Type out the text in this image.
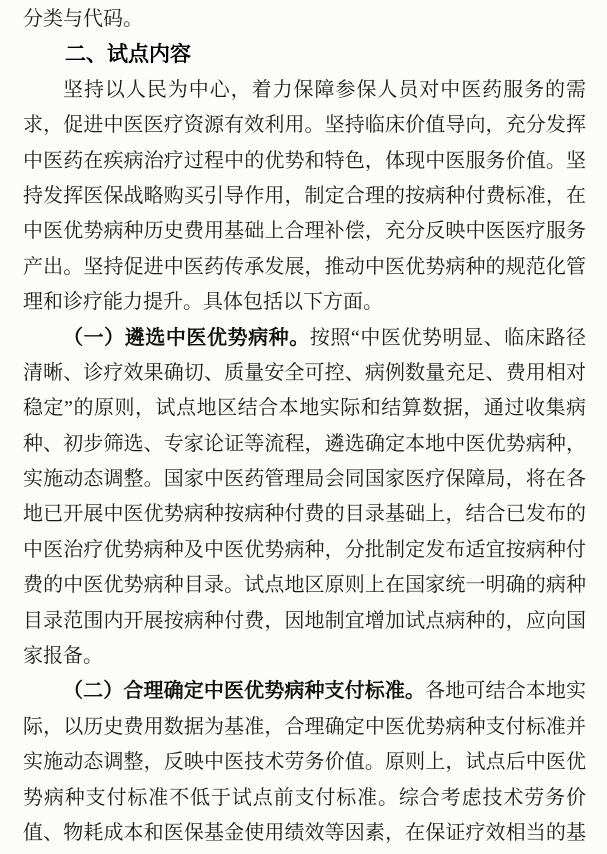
分类与代码。
二、试点内容
坚持以人民为中心，着力保障参保人员对中医药服务的需
求，促进中医医疗资源有效利用。坚持临床价值导向，充分发挥
中医药在疾病治疗过程中的优势和特色，体现中医服务价值。坚
持发挥医保战略购买引导作用，制定合理的按病种付费标准，在
中医优势病种历史费用基础上合理补偿，充分反映中医医疗服务
产出。坚持促进中医药传承发展，推动中医优势病种的规范化管
理和诊疗能力提升。具体包括以下方面。
（一）遴选中医优势病种。按照“中医优势明显、临床路径
清晰、诊疗效果确切、质量安全可控、病例数量充足、费用相对
稳定”的原则，试点地区结合本地实际和结算数据，通过收集病
种、初步筛选、专家论证等流程，遴选确定本地中医优势病种，
实施动态调整。国家中医药管理局会同国家医疗保障局，将在各
地已开展中医优势病种按病种付费的目录基础上，结合已发布的
中医治疗优势病种及中医优势病种，分批制定发布适宜按病种付
费的中医优势病种目录。试点地区原则上在国家统一明确的病种
目录范围内开展按病种付费，因地制宜增加试点病种的，应向国
家报备。
（二）合理确定中医优势病种支付标准。各地可结合本地实
际，以历史费用数据为基准，合理确定中医优势病种支付标准并
实施动态调整，反映中医技术劳务价值。原则上，试点后中医优
势病种支付标准不低于试点前支付标准。综合考虑技术劳务价
值、物耗成本和医保基金使用绩效等因素，在保证疗效相当的基
